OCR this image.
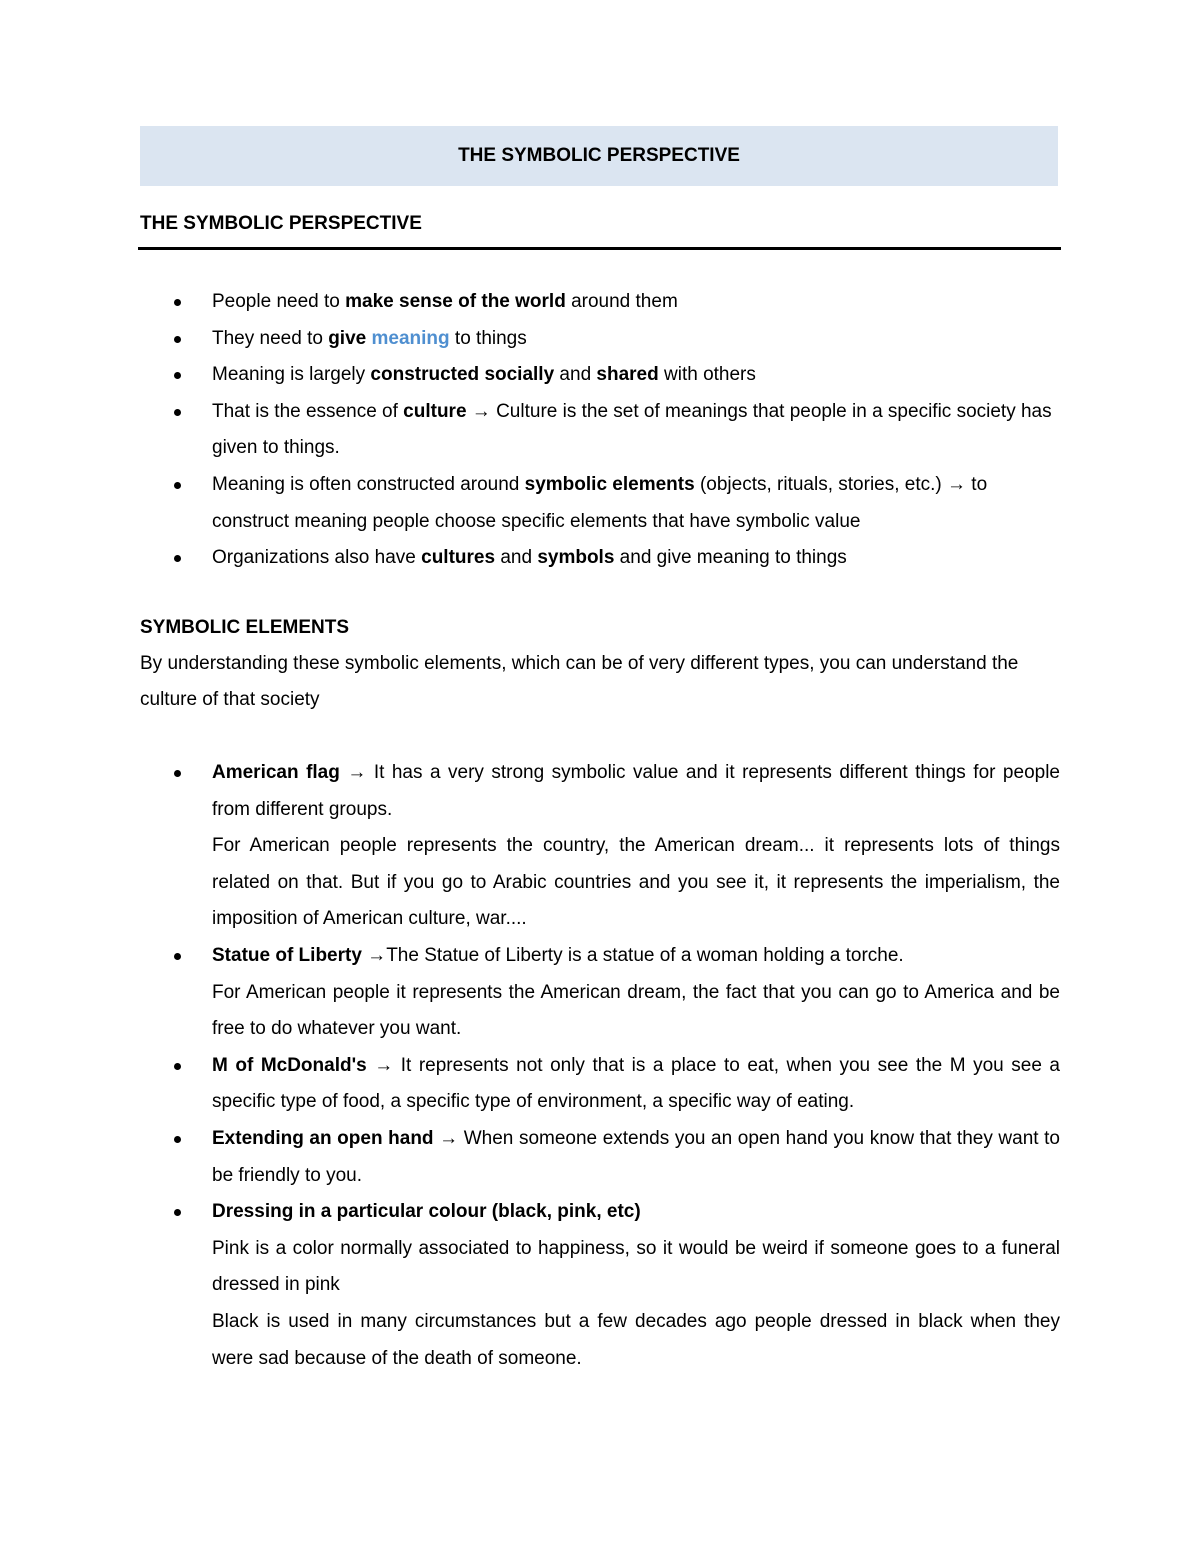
THE SYMBOLIC PERSPECTIVE
THE SYMBOLIC PERSPECTIVE
People need to make sense of the world around them
They need to give meaning to things
Meaning is largely constructed socially and shared with others
That is the essence of culture → Culture is the set of meanings that people in a specific society has given to things.
Meaning is often constructed around symbolic elements (objects, rituals, stories, etc.) → to construct meaning people choose specific elements that have symbolic value
Organizations also have cultures and symbols and give meaning to things
SYMBOLIC ELEMENTS
By understanding these symbolic elements, which can be of very different types, you can understand the culture of that society
American flag → It has a very strong symbolic value and it represents different things for people from different groups.
For American people represents the country, the American dream... it represents lots of things related on that. But if you go to Arabic countries and you see it, it represents the imperialism, the imposition of American culture, war....
Statue of Liberty →The Statue of Liberty is a statue of a woman holding a torche.
For American people it represents the American dream, the fact that you can go to America and be free to do whatever you want.
M of McDonald's → It represents not only that is a place to eat, when you see the M you see a specific type of food, a specific type of environment, a specific way of eating.
Extending an open hand → When someone extends you an open hand you know that they want to be friendly to you.
Dressing in a particular colour (black, pink, etc)
Pink is a color normally associated to happiness, so it would be weird if someone goes to a funeral dressed in pink
Black is used in many circumstances but a few decades ago people dressed in black when they were sad because of the death of someone.
